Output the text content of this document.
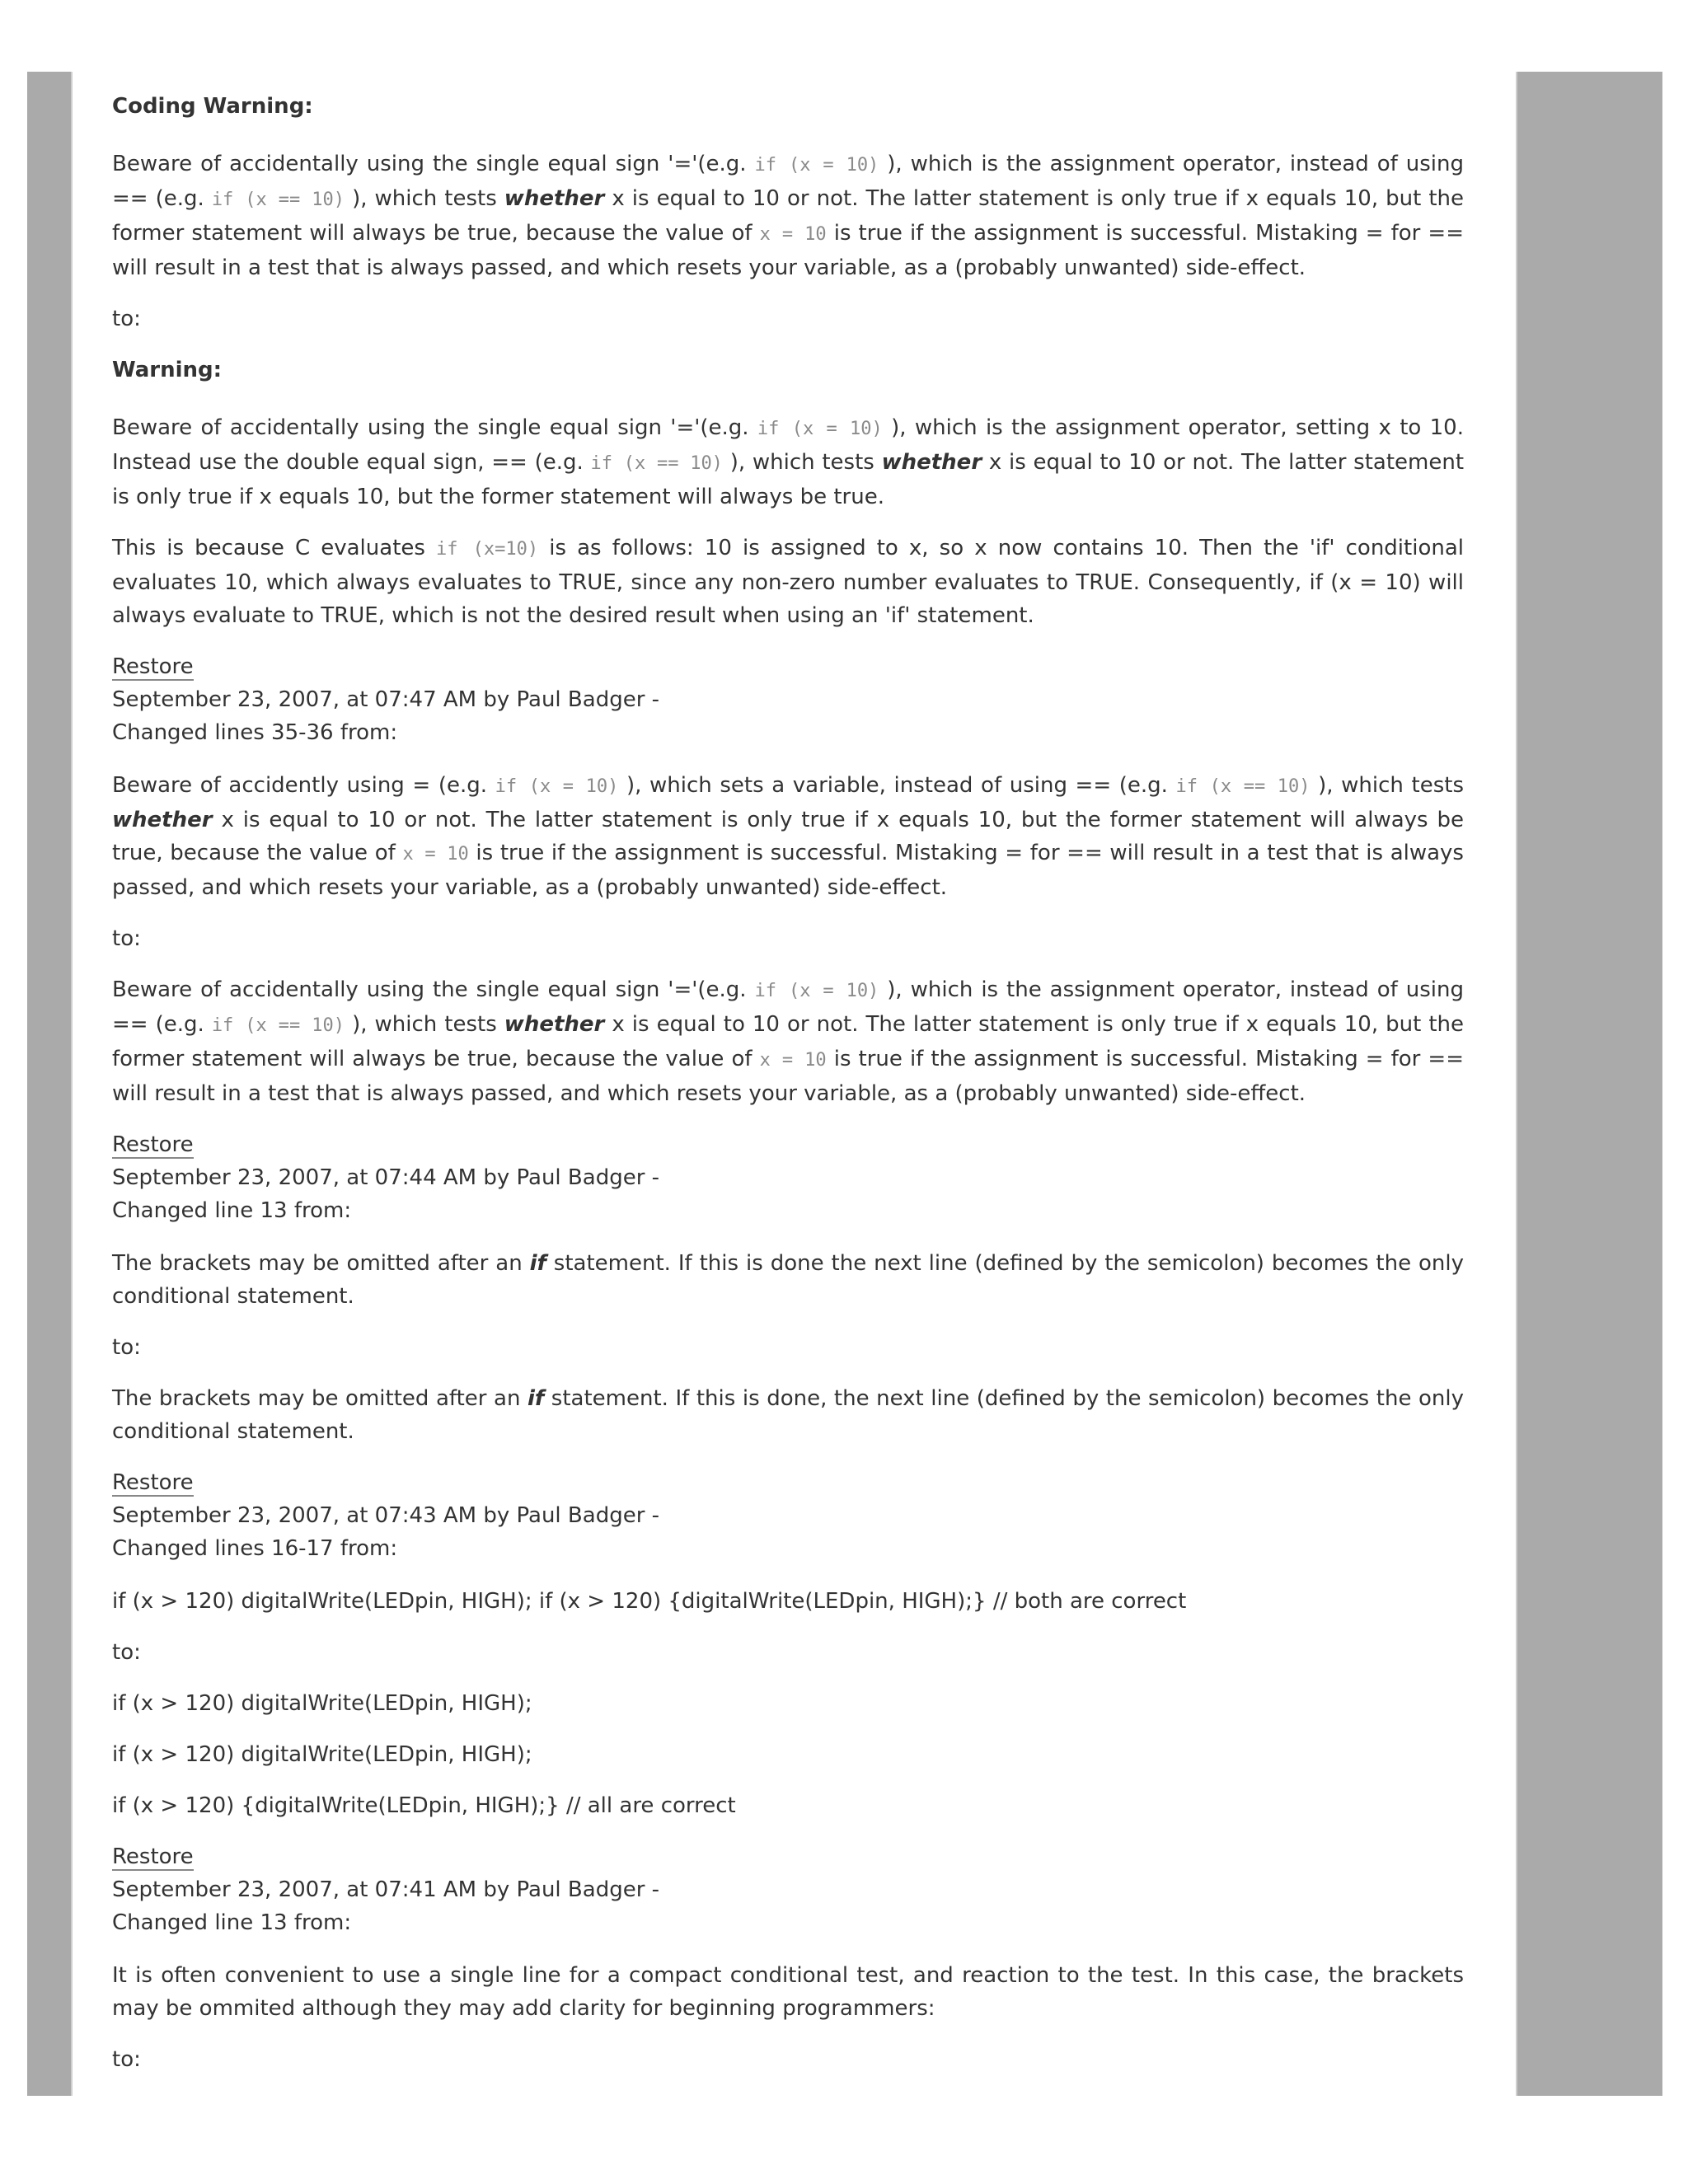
Coding Warning:

Beware of accidentally using the single equal sign '='(e.g. if (x = 10) ), which is the assignment operator, instead of using == (e.g. if (x == 10) ), which tests whether x is equal to 10 or not. The latter statement is only true if x equals 10, but the former statement will always be true, because the value of x = 10 is true if the assignment is successful. Mistaking = for == will result in a test that is always passed, and which resets your variable, as a (probably unwanted) side-effect.

to:

Warning:

Beware of accidentally using the single equal sign '='(e.g. if (x = 10) ), which is the assignment operator, setting x to 10. Instead use the double equal sign, == (e.g. if (x == 10) ), which tests whether x is equal to 10 or not. The latter statement is only true if x equals 10, but the former statement will always be true.

This is because C evaluates if (x=10) is as follows: 10 is assigned to x, so x now contains 10. Then the 'if' conditional evaluates 10, which always evaluates to TRUE, since any non-zero number evaluates to TRUE. Consequently, if (x = 10) will always evaluate to TRUE, which is not the desired result when using an 'if' statement.

Restore
September 23, 2007, at 07:47 AM by Paul Badger -
Changed lines 35-36 from:

Beware of accidently using = (e.g. if (x = 10) ), which sets a variable, instead of using == (e.g. if (x == 10) ), which tests whether x is equal to 10 or not. The latter statement is only true if x equals 10, but the former statement will always be true, because the value of x = 10 is true if the assignment is successful. Mistaking = for == will result in a test that is always passed, and which resets your variable, as a (probably unwanted) side-effect.

to:

Beware of accidentally using the single equal sign '='(e.g. if (x = 10) ), which is the assignment operator, instead of using == (e.g. if (x == 10) ), which tests whether x is equal to 10 or not. The latter statement is only true if x equals 10, but the former statement will always be true, because the value of x = 10 is true if the assignment is successful. Mistaking = for == will result in a test that is always passed, and which resets your variable, as a (probably unwanted) side-effect.

Restore
September 23, 2007, at 07:44 AM by Paul Badger -
Changed line 13 from:

The brackets may be omitted after an if statement. If this is done the next line (defined by the semicolon) becomes the only conditional statement.

to:

The brackets may be omitted after an if statement. If this is done, the next line (defined by the semicolon) becomes the only conditional statement.

Restore
September 23, 2007, at 07:43 AM by Paul Badger -
Changed lines 16-17 from:

if (x > 120) digitalWrite(LEDpin, HIGH); if (x > 120) {digitalWrite(LEDpin, HIGH);} // both are correct

to:

if (x > 120) digitalWrite(LEDpin, HIGH);

if (x > 120) digitalWrite(LEDpin, HIGH);

if (x > 120) {digitalWrite(LEDpin, HIGH);} // all are correct

Restore
September 23, 2007, at 07:41 AM by Paul Badger -
Changed line 13 from:

It is often convenient to use a single line for a compact conditional test, and reaction to the test. In this case, the brackets may be ommited although they may add clarity for beginning programmers:

to:
